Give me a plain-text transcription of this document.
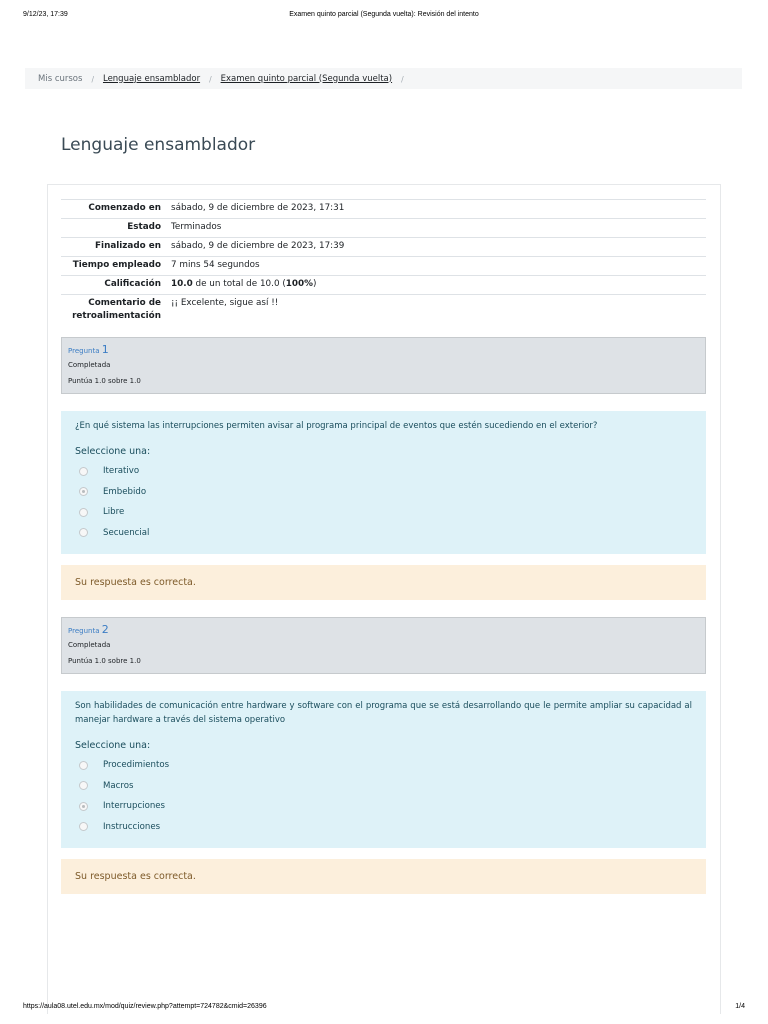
9/12/23, 17:39	Examen quinto parcial (Segunda vuelta): Revisión del intento
Mis cursos / Lenguaje ensamblador / Examen quinto parcial (Segunda vuelta) /
Lenguaje ensamblador
Comenzado en	sábado, 9 de diciembre de 2023, 17:31
Estado	Terminados
Finalizado en	sábado, 9 de diciembre de 2023, 17:39
Tiempo empleado	7 mins 54 segundos
Calificación	10.0 de un total de 10.0 (100%)
Comentario de retroalimentación	¡¡ Excelente, sigue así !!
Pregunta 1
Completada
Puntúa 1.0 sobre 1.0
¿En qué sistema las interrupciones permiten avisar al programa principal de eventos que estén sucediendo en el exterior?
Seleccione una:
Iterativo
Embebido
Libre
Secuencial
Su respuesta es correcta.
Pregunta 2
Completada
Puntúa 1.0 sobre 1.0
Son habilidades de comunicación entre hardware y software con el programa que se está desarrollando que le permite ampliar su capacidad al manejar hardware a través del sistema operativo
Seleccione una:
Procedimientos
Macros
Interrupciones
Instrucciones
Su respuesta es correcta.
https://aula08.utel.edu.mx/mod/quiz/review.php?attempt=724782&cmid=26396	1/4
